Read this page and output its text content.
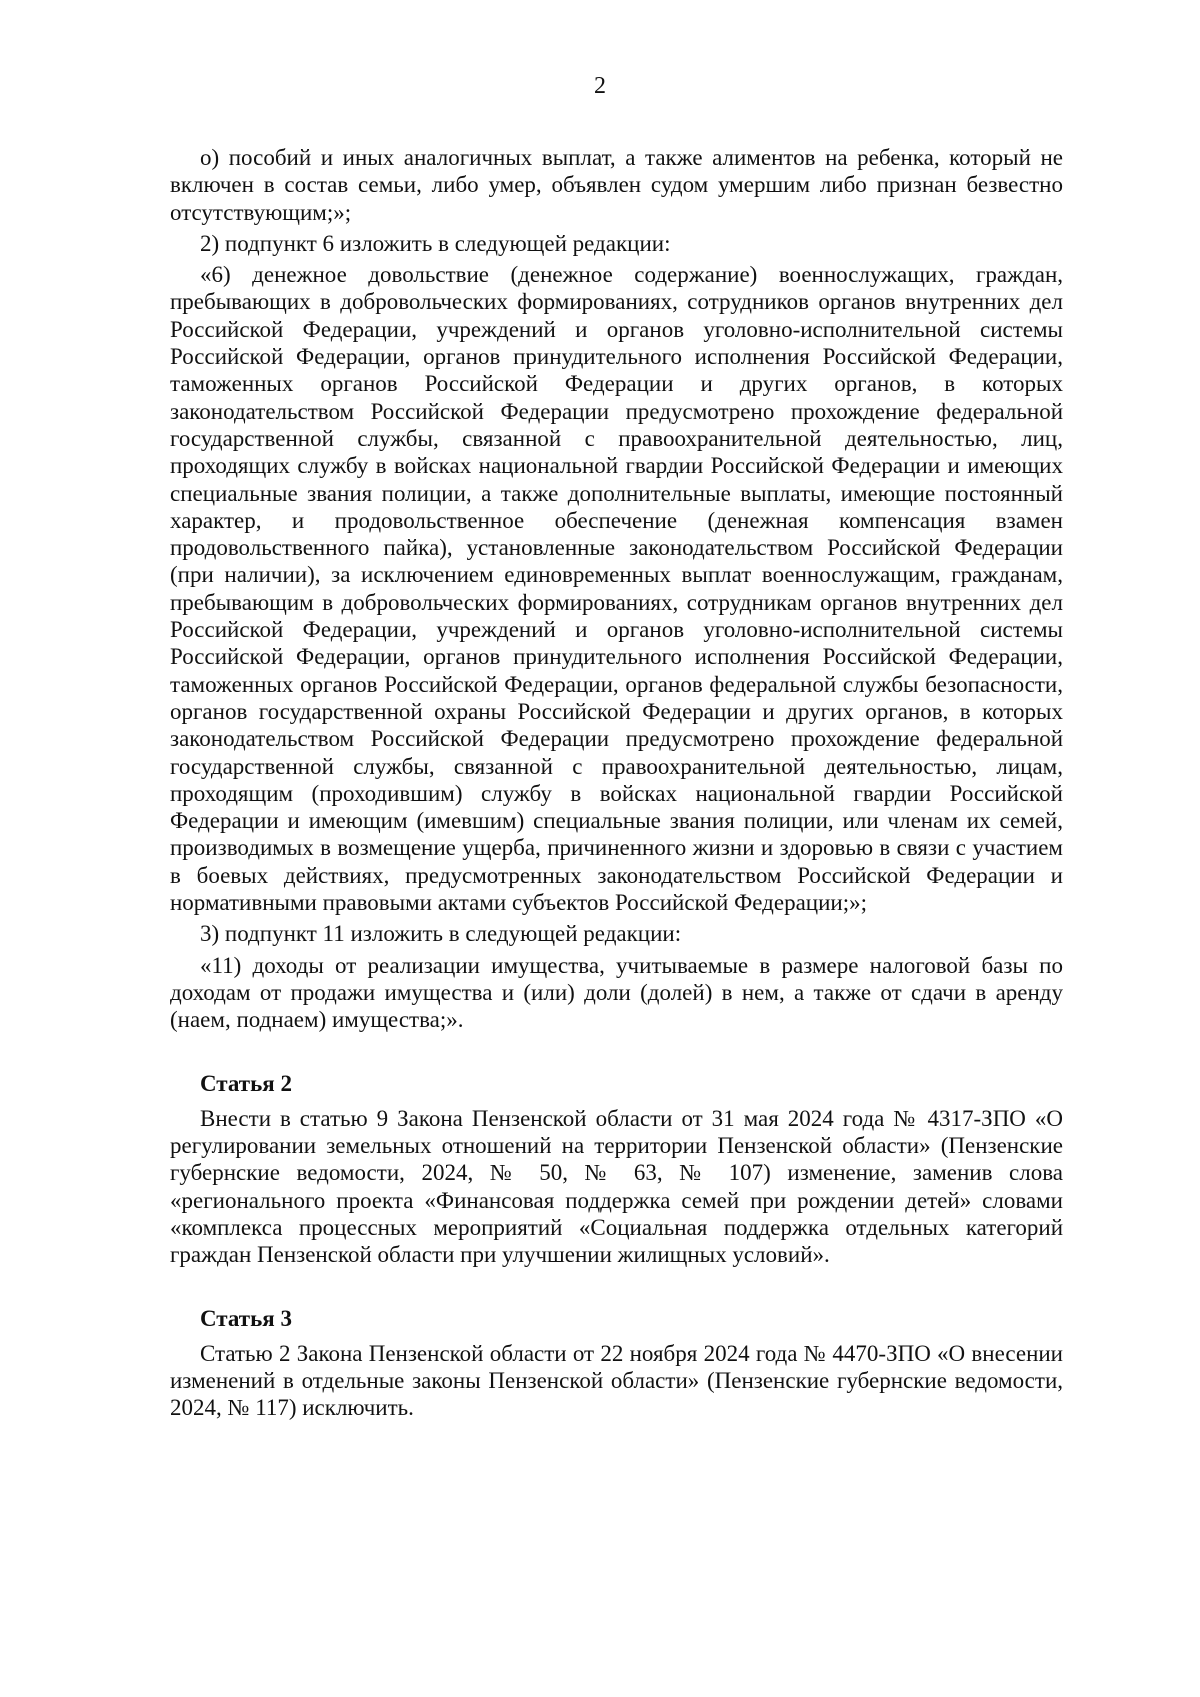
2

о) пособий и иных аналогичных выплат, а также алиментов на ребенка, который не включен в состав семьи, либо умер, объявлен судом умершим либо признан безвестно отсутствующим;»;

2) подпункт 6 изложить в следующей редакции:

«6) денежное довольствие (денежное содержание) военнослужащих, граждан, пребывающих в добровольческих формированиях, сотрудников органов внутренних дел Российской Федерации, учреждений и органов уголовно-исполнительной системы Российской Федерации, органов принудительного исполнения Российской Федерации, таможенных органов Российской Федерации и других органов, в которых законодательством Российской Федерации предусмотрено прохождение федеральной государственной службы, связанной с правоохранительной деятельностью, лиц, проходящих службу в войсках национальной гвардии Российской Федерации и имеющих специальные звания полиции, а также дополнительные выплаты, имеющие постоянный характер, и продовольственное обеспечение (денежная компенсация взамен продовольственного пайка), установленные законодательством Российской Федерации (при наличии), за исключением единовременных выплат военнослужащим, гражданам, пребывающим в добровольческих формированиях, сотрудникам органов внутренних дел Российской Федерации, учреждений и органов уголовно-исполнительной системы Российской Федерации, органов принудительного исполнения Российской Федерации, таможенных органов Российской Федерации, органов федеральной службы безопасности, органов государственной охраны Российской Федерации и других органов, в которых законодательством Российской Федерации предусмотрено прохождение федеральной государственной службы, связанной с правоохранительной деятельностью, лицам, проходящим (проходившим) службу в войсках национальной гвардии Российской Федерации и имеющим (имевшим) специальные звания полиции, или членам их семей, производимых в возмещение ущерба, причиненного жизни и здоровью в связи с участием в боевых действиях, предусмотренных законодательством Российской Федерации и нормативными правовыми актами субъектов Российской Федерации;»;

3) подпункт 11 изложить в следующей редакции:

«11) доходы от реализации имущества, учитываемые в размере налоговой базы по доходам от продажи имущества и (или) доли (долей) в нем, а также от сдачи в аренду (наем, поднаем) имущества;».

Статья 2

Внести в статью 9 Закона Пензенской области от 31 мая 2024 года № 4317-ЗПО «О регулировании земельных отношений на территории Пензенской области» (Пензенские губернские ведомости, 2024, № 50, № 63, № 107) изменение, заменив слова «регионального проекта «Финансовая поддержка семей при рождении детей» словами «комплекса процессных мероприятий «Социальная поддержка отдельных категорий граждан Пензенской области при улучшении жилищных условий».

Статья 3

Статью 2 Закона Пензенской области от 22 ноября 2024 года № 4470-ЗПО «О внесении изменений в отдельные законы Пензенской области» (Пензенские губернские ведомости, 2024, № 117) исключить.
